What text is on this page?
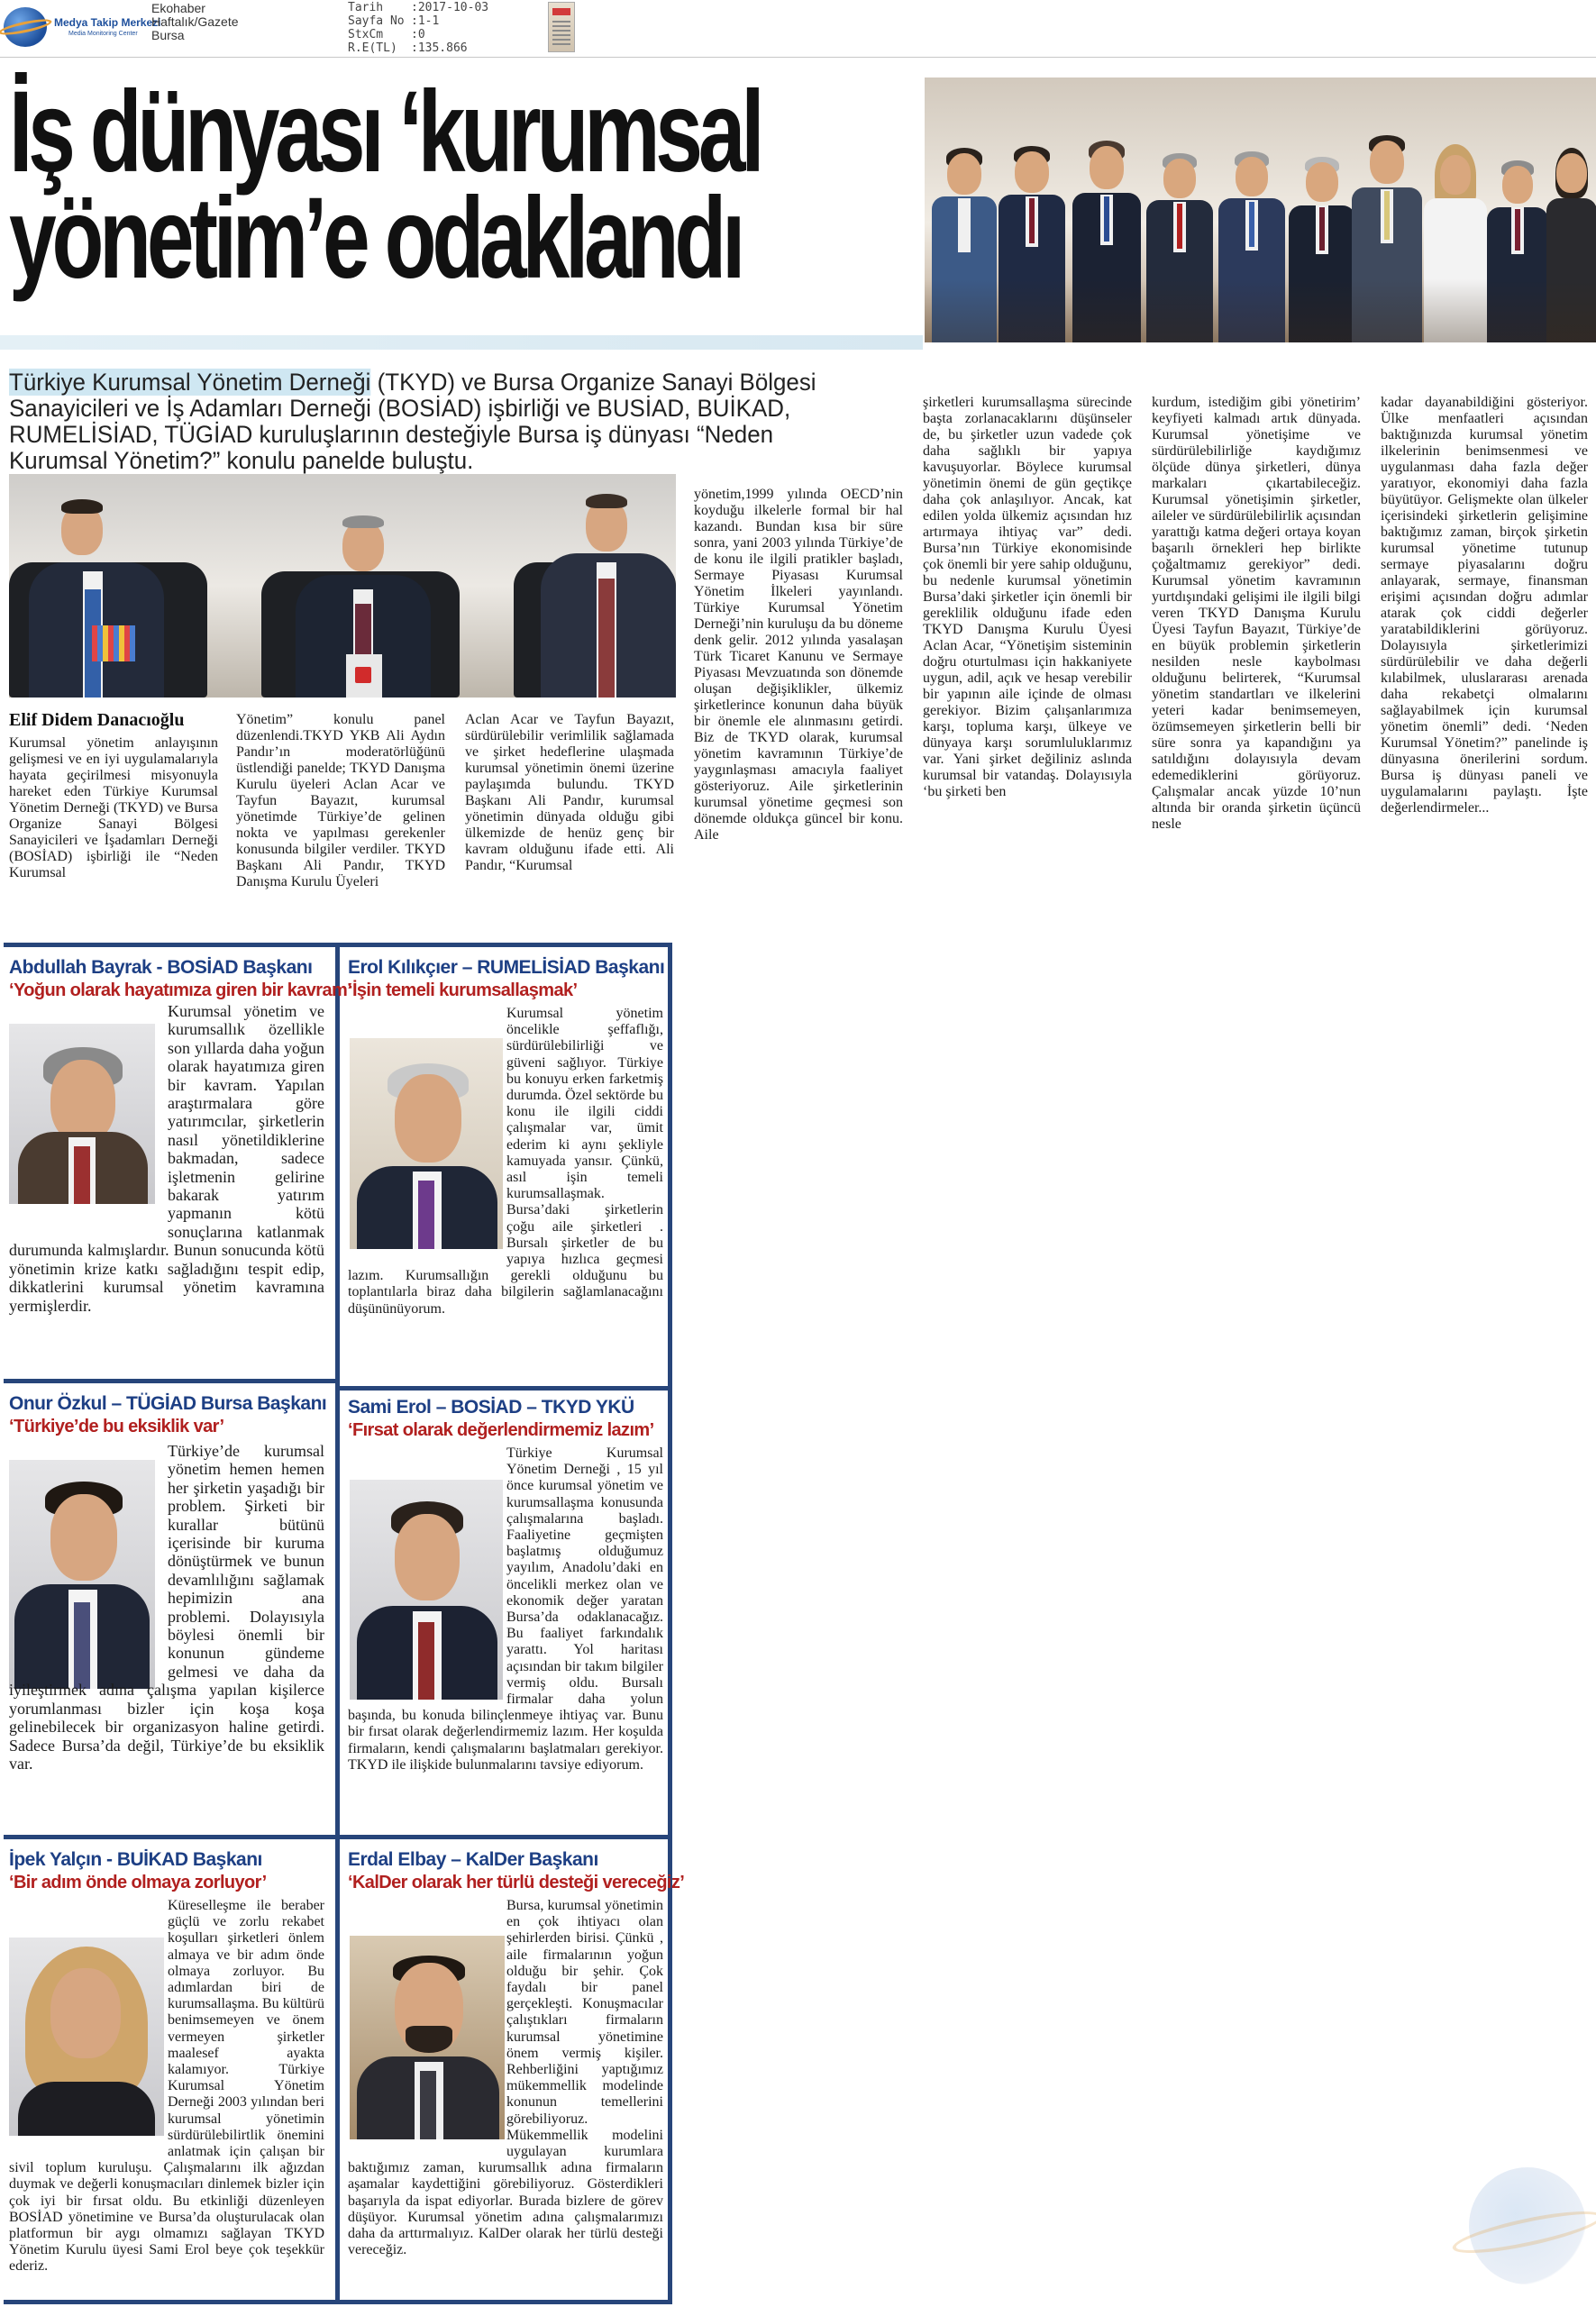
Medya Takip Merkezi
Media Monitoring Center
Ekohaber
Haftalık/Gazete
Bursa
Tarih	:2017-10-03
Sayfa No :1-1
StxCm	:0
R.E(TL)	:135.866
İş dünyası ‘kurumsal
yönetim’e odaklandı
Türkiye Kurumsal Yönetim Derneği (TKYD) ve Bursa Organize Sanayi Bölgesi Sanayicileri ve İş Adamları Derneği (BOSİAD) işbirliği ve BUSİAD, BUİKAD, RUMELİSİAD, TÜGİAD kuruluşlarının desteğiyle Bursa iş dünyası “Neden Kurumsal Yönetim?” konulu panelde buluştu.
Elif Didem Danacıoğlu
Kurumsal yönetim anlayışının gelişmesi ve en iyi uygulamalarıyla hayata geçirilmesi misyonuyla hareket eden Türkiye Kurumsal Yönetim Derneği (TKYD) ve Bursa Organize Sanayi Bölgesi Sanayicileri ve İşadamları Derneği (BOSİAD) işbirliği ile “Neden Kurumsal
Yönetim” konulu panel düzenlendi.TKYD YKB Ali Aydın Pandır’ın moderatörlüğünü üstlendiği panelde; TKYD Danışma Kurulu üyeleri Aclan Acar ve Tayfun Bayazıt, kurumsal yönetimde Türkiye’de gelinen nokta ve yapılması gerekenler konusunda bilgiler verdiler. TKYD Başkanı Ali Pandır, TKYD Danışma Kurulu Üyeleri
Aclan Acar ve Tayfun Bayazıt, sürdürülebilir verimlilik sağlamada ve şirket hedeflerine ulaşmada kurumsal yönetimin önemi üzerine paylaşımda bulundu. TKYD Başkanı Ali Pandır, kurumsal yönetimin dünyada olduğu gibi ülkemizde de henüz genç bir kavram olduğunu ifade etti. Ali Pandır, “Kurumsal
yönetim,1999 yılında OECD’nin koyduğu ilkelerle formal bir hal kazandı. Bundan kısa bir süre sonra, yani 2003 yılında Türkiye’de de konu ile ilgili pratikler başladı, Sermaye Piyasası Kurumsal Yönetim İlkeleri yayınlandı. Türkiye Kurumsal Yönetim Derneği’nin kuruluşu da bu döneme denk gelir. 2012 yılında yasalaşan Türk Ticaret Kanunu ve Sermaye Piyasası Mevzuatında son dönemde oluşan değişiklikler, ülkemiz şirketlerince konunun daha büyük bir önemle ele alınmasını getirdi. Biz de TKYD olarak, kurumsal yönetim kavramının Türkiye’de yaygınlaşması amacıyla faaliyet gösteriyoruz. Aile şirketlerinin kurumsal yönetime geçmesi son dönemde oldukça güncel bir konu. Aile
şirketleri kurumsallaşma sürecinde başta zorlanacaklarını düşünseler de, bu şirketler uzun vadede çok daha sağlıklı bir yapıya kavuşuyorlar. Böylece kurumsal yönetimin önemi de gün geçtikçe daha çok anlaşılıyor. Ancak, kat edilen yolda ülkemiz açısından hız artırmaya ihtiyaç var” dedi. Bursa’nın Türkiye ekonomisinde çok önemli bir yere sahip olduğunu, bu nedenle kurumsal yönetimin Bursa’daki şirketler için önemli bir gereklilik olduğunu ifade eden TKYD Danışma Kurulu Üyesi Aclan Acar, “Yönetişim sisteminin doğru oturtulması için hakkaniyete uygun, adil, açık ve hesap verebilir bir yapının aile içinde de olması gerekiyor. Bizim çalışanlarımıza karşı, topluma karşı, ülkeye ve dünyaya karşı sorumluluklarımız var. Yani şirket değiliniz aslında kurumsal bir vatandaş. Dolayısıyla ‘bu şirketi ben
kurdum, istediğim gibi yönetirim’ keyfiyeti kalmadı artık dünyada. Kurumsal yönetişime ve sürdürülebilirliğe kaydığımız ölçüde dünya şirketleri, dünya markaları çıkartabileceğiz. Kurumsal yönetişimin şirketler, aileler ve sürdürülebilirlik açısından yarattığı katma değeri ortaya koyan başarılı örnekleri hep birlikte çoğaltmamız gerekiyor” dedi. Kurumsal yönetim kavramının yurtdışındaki gelişimi ile ilgili bilgi veren TKYD Danışma Kurulu Üyesi Tayfun Bayazıt, Türkiye’de en büyük problemin şirketlerin nesilden nesle kaybolması olduğunu belirterek, “Kurumsal yönetim standartları ve ilkelerini yeteri kadar benimsemeyen, özümsemeyen şirketlerin belli bir süre sonra ya kapandığını ya satıldığını dolayısıyla devam edemediklerini görüyoruz. Çalışmalar ancak yüzde 10’nun altında bir oranda şirketin üçüncü nesle
kadar dayanabildiğini gösteriyor. Ülke menfaatleri açısından baktığınızda kurumsal yönetim ilkelerinin benimsenmesi ve uygulanması daha fazla değer yaratıyor, ekonomiyi daha fazla büyütüyor. Gelişmekte olan ülkeler içerisindeki şirketlerin gelişimine baktığımız zaman, birçok şirketin kurumsal yönetime tutunup sermaye piyasalarını doğru anlayarak, sermaye, finansman erişimi açısından doğru adımlar atarak çok ciddi değerler yaratabildiklerini görüyoruz. Dolayısıyla şirketlerimizi sürdürülebilir ve daha değerli kılabilmek, uluslararası arenada daha rekabetçi olmalarını sağlayabilmek için kurumsal yönetim önemli” dedi. ‘Neden Kurumsal Yönetim?” panelinde iş dünyasına önerilerini sordum. Bursa iş dünyası paneli ve uygulamalarını paylaştı. İşte değerlendirmeler...
Abdullah Bayrak - BOSİAD Başkanı
‘Yoğun olarak hayatımıza giren bir kavram’
Kurumsal yönetim ve kurumsallık özellikle son yıllarda daha yoğun olarak hayatımıza giren bir kavram. Yapılan araştırmalara göre yatırımcılar, şirketlerin nasıl yönetildiklerine bakmadan, sadece işletmenin gelirine bakarak yatırım yapmanın kötü sonuçlarına katlanmak durumunda kalmışlardır. Bunun sonucunda kötü yönetimin krize katkı sağladığını tespit edip, dikkatlerini kurumsal yönetim kavramına yermişlerdir.
Erol Kılıkçıer – RUMELİSİAD Başkanı
‘İşin temeli kurumsallaşmak’
Kurumsal yönetim öncelikle şeffaflığı, sürdürülebilirliği ve güveni sağlıyor. Türkiye bu konuyu erken farketmiş durumda. Özel sektörde bu konu ile ilgili ciddi çalışmalar var, ümit ederim ki aynı şekliyle kamuyada yansır. Çünkü, asıl işin temeli kurumsallaşmak. Bursa’daki şirketlerin çoğu aile şirketleri . Bursalı şirketler de bu yapıya hızlıca geçmesi lazım. Kurumsallığın gerekli olduğunu bu toplantılarla biraz daha bilgilerin sağlamlanacağını düşününüyorum.
Onur Özkul – TÜGİAD Bursa Başkanı
‘Türkiye’de bu eksiklik var’
Türkiye’de kurumsal yönetim hemen hemen her şirketin yaşadığı bir problem. Şirketi bir kurallar bütünü içerisinde bir kuruma dönüştürmek ve bunun devamlılığını sağlamak hepimizin ana problemi. Dolayısıyla böylesi önemli bir konunun gündeme gelmesi ve daha da iyileştirmek adına çalışma yapılan kişilerce yorumlanması bizler için koşa koşa gelinebilecek bir organizasyon haline getirdi. Sadece Bursa’da değil, Türkiye’de bu eksiklik var.
Sami Erol – BOSİAD – TKYD YKÜ
‘Fırsat olarak değerlendirmemiz lazım’
Türkiye Kurumsal Yönetim Derneği , 15 yıl önce kurumsal yönetim ve kurumsallaşma konusunda çalışmalarına başladı. Faaliyetine geçmişten başlatmış olduğumuz yayılım, Anadolu’daki en öncelikli merkez olan ve ekonomik değer yaratan Bursa’da odaklanacağız. Bu faaliyet farkındalık yarattı. Yol haritası açısından bir takım bilgiler vermiş oldu. Bursalı firmalar daha yolun başında, bu konuda bilinçlenmeye ihtiyaç var. Bunu bir fırsat olarak değerlendirmemiz lazım. Her koşulda firmaların, kendi çalışmalarını başlatmaları gerekiyor. TKYD ile ilişkide bulunmalarını tavsiye ediyorum.
İpek Yalçın - BUİKAD Başkanı
‘Bir adım önde olmaya zorluyor’
Küreselleşme ile beraber güçlü ve zorlu rekabet koşulları şirketleri önlem almaya ve bir adım önde olmaya zorluyor. Bu adımlardan biri de kurumsallaşma. Bu kültürü benimsemeyen ve önem vermeyen şirketler maalesef ayakta kalamıyor. Türkiye Kurumsal Yönetim Derneği 2003 yılından beri kurumsal yönetimin sürdürülebilirtlik önemini anlatmak için çalışan bir sivil toplum kuruluşu. Çalışmalarını ilk ağızdan duymak ve değerli konuşmacıları dinlemek bizler için çok iyi bir fırsat oldu. Bu etkinliği düzenleyen BOSİAD yönetimine ve Bursa’da oluşturulacak olan platformun bir aygı olmamızı sağlayan TKYD Yönetim Kurulu üyesi Sami Erol beye çok teşekkür ederiz.
Erdal Elbay – KalDer Başkanı
‘KalDer olarak her türlü desteği vereceğiz’
Bursa, kurumsal yönetimin en çok ihtiyacı olan şehirlerden birisi. Çünkü , aile firmalarının yoğun olduğu bir şehir. Çok faydalı bir panel gerçekleşti. Konuşmacılar çalıştıkları firmaların kurumsal yönetimine önem vermiş kişiler. Rehberliğini yaptığımız mükemmellik modelinde konunun temellerini görebiliyoruz. Mükemmellik modelini uygulayan kurumlara baktığımız zaman, kurumsallık adına firmaların aşamalar kaydettiğini görebiliyoruz. Gösterdikleri başarıyla da ispat ediyorlar. Burada bizlere de görev düşüyor. Kurumsal yönetim adına çalışmalarımızı daha da arttırmalıyız. KalDer olarak her türlü desteği vereceğiz.
